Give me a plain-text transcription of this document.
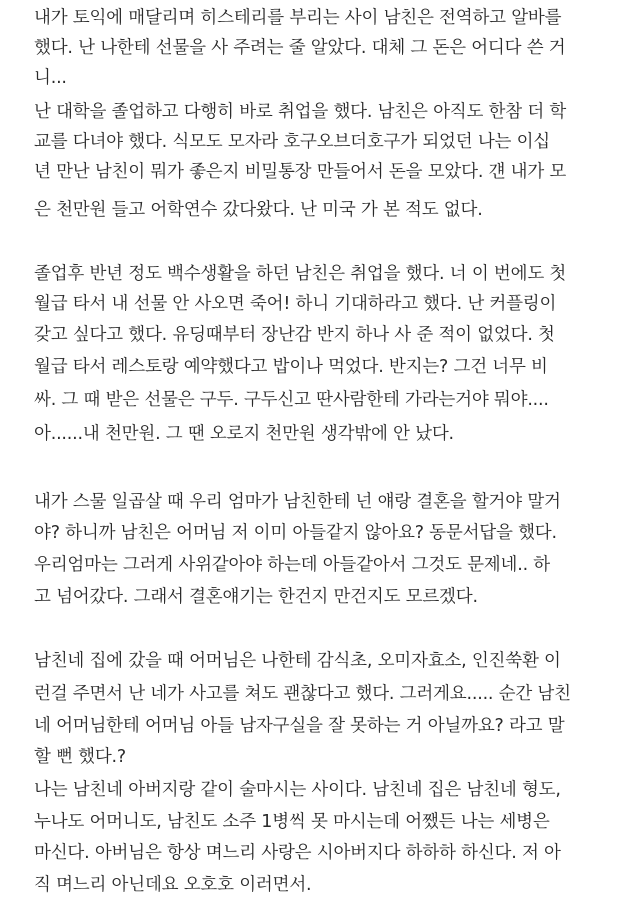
내가 토익에 매달리며 히스테리를 부리는 사이 남친은 전역하고 알바를
했다. 난 나한테 선물을 사 주려는 줄 알았다. 대체 그 돈은 어디다 쓴 거
니...
난 대학을 졸업하고 다행히 바로 취업을 했다. 남친은 아직도 한참 더 학
교를 다녀야 했다. 식모도 모자라 호구오브더호구가 되었던 나는 이십
년 만난 남친이 뭐가 좋은지 비밀통장 만들어서 돈을 모았다. 걘 내가 모
은 천만원 들고 어학연수 갔다왔다. 난 미국 가 본 적도 없다.
졸업후 반년 정도 백수생활을 하던 남친은 취업을 했다. 너 이 번에도 첫
월급 타서 내 선물 안 사오면 죽어! 하니 기대하라고 했다. 난 커플링이
갖고 싶다고 했다. 유딩때부터 장난감 반지 하나 사 준 적이 없었다. 첫
월급 타서 레스토랑 예약했다고 밥이나 먹었다. 반지는? 그건 너무 비
싸. 그 때 받은 선물은 구두. 구두신고 딴사람한테 가라는거야 뭐야....
아......내 천만원. 그 땐 오로지 천만원 생각밖에 안 났다.
내가 스물 일곱살 때 우리 엄마가 남친한테 넌 얘랑 결혼을 할거야 말거
야? 하니까 남친은 어머님 저 이미 아들같지 않아요? 동문서답을 했다.
우리엄마는 그러게 사위같아야 하는데 아들같아서 그것도 문제네.. 하
고 넘어갔다. 그래서 결혼얘기는 한건지 만건지도 모르겠다.
남친네 집에 갔을 때 어머님은 나한테 감식초, 오미자효소, 인진쑥환 이
런걸 주면서 난 네가 사고를 쳐도 괜찮다고 했다. 그러게요..... 순간 남친
네 어머님한테 어머님 아들 남자구실을 잘 못하는 거 아닐까요? 라고 말
할 뻔 했다.?
나는 남친네 아버지랑 같이 술마시는 사이다. 남친네 집은 남친네 형도,
누나도 어머니도, 남친도 소주 1병씩 못 마시는데 어쨌든 나는 세병은
마신다. 아버님은 항상 며느리 사랑은 시아버지다 하하하 하신다. 저 아
직 며느리 아닌데요 오호호 이러면서.
